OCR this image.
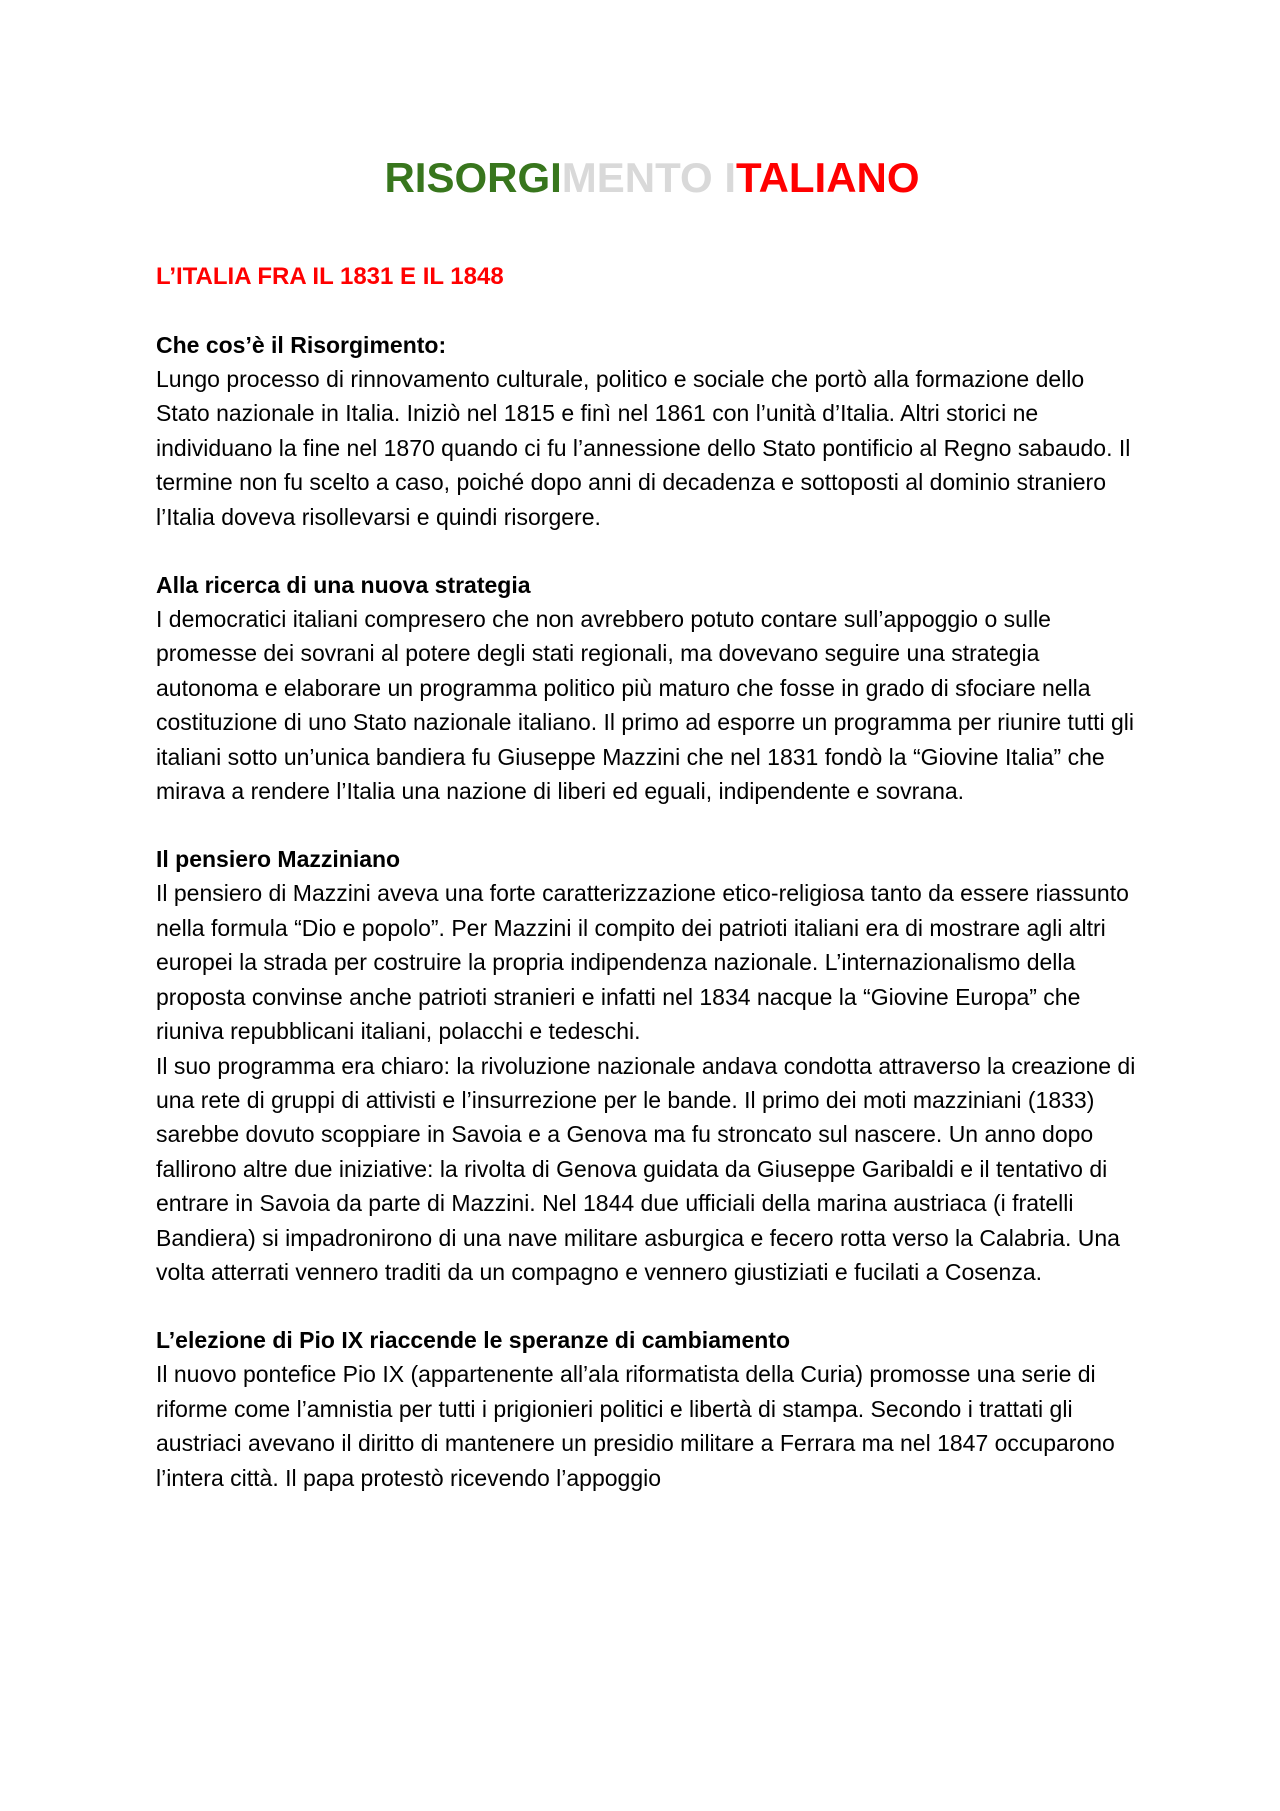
RISORGIMENTO ITALIANO
L’ITALIA FRA IL 1831 E IL 1848
Che cos’è il Risorgimento:

Lungo processo di rinnovamento culturale, politico e sociale che portò alla formazione dello Stato nazionale in Italia. Iniziò nel 1815 e finì nel 1861 con l’unità d’Italia. Altri storici ne individuano la fine nel 1870 quando ci fu l’annessione dello Stato pontificio al Regno sabaudo. Il termine non fu scelto a caso, poiché dopo anni di decadenza e sottoposti al dominio straniero l’Italia doveva risollevarsi e quindi risorgere.

Alla ricerca di una nuova strategia

I democratici italiani compresero che non avrebbero potuto contare sull’appoggio o sulle promesse dei sovrani al potere degli stati regionali, ma dovevano seguire una strategia autonoma e elaborare un programma politico più maturo che fosse in grado di sfociare nella costituzione di uno Stato nazionale italiano. Il primo ad esporre un programma per riunire tutti gli italiani sotto un’unica bandiera fu Giuseppe Mazzini che nel 1831 fondò la “Giovine Italia” che mirava a rendere l’Italia una nazione di liberi ed eguali, indipendente e sovrana.

Il pensiero Mazziniano

Il pensiero di Mazzini aveva una forte caratterizzazione etico-religiosa tanto da essere riassunto nella formula “Dio e popolo”. Per Mazzini il compito dei patrioti italiani era di mostrare agli altri europei la strada per costruire la propria indipendenza nazionale. L’internazionalismo della proposta convinse anche patrioti stranieri e infatti nel 1834 nacque la “Giovine Europa” che riuniva repubblicani italiani, polacchi e tedeschi.

Il suo programma era chiaro: la rivoluzione nazionale andava condotta attraverso la creazione di una rete di gruppi di attivisti e l’insurrezione per le bande. Il primo dei moti mazziniani (1833) sarebbe dovuto scoppiare in Savoia e a Genova ma fu stroncato sul nascere. Un anno dopo fallirono altre due iniziative: la rivolta di Genova guidata da Giuseppe Garibaldi e il tentativo di entrare in Savoia da parte di Mazzini. Nel 1844 due ufficiali della marina austriaca (i fratelli Bandiera) si impadronirono di una nave militare asburgica e fecero rotta verso la Calabria. Una volta atterrati vennero traditi da un compagno e vennero giustiziati e fucilati a Cosenza.

L’elezione di Pio IX riaccende le speranze di cambiamento

Il nuovo pontefice Pio IX (appartenente all’ala riformatista della Curia) promosse una serie di riforme come l’amnistia per tutti i prigionieri politici e libertà di stampa. Secondo i trattati gli austriaci avevano il diritto di mantenere un presidio militare a Ferrara ma nel 1847 occuparono l’intera città. Il papa protestò ricevendo l’appoggio
